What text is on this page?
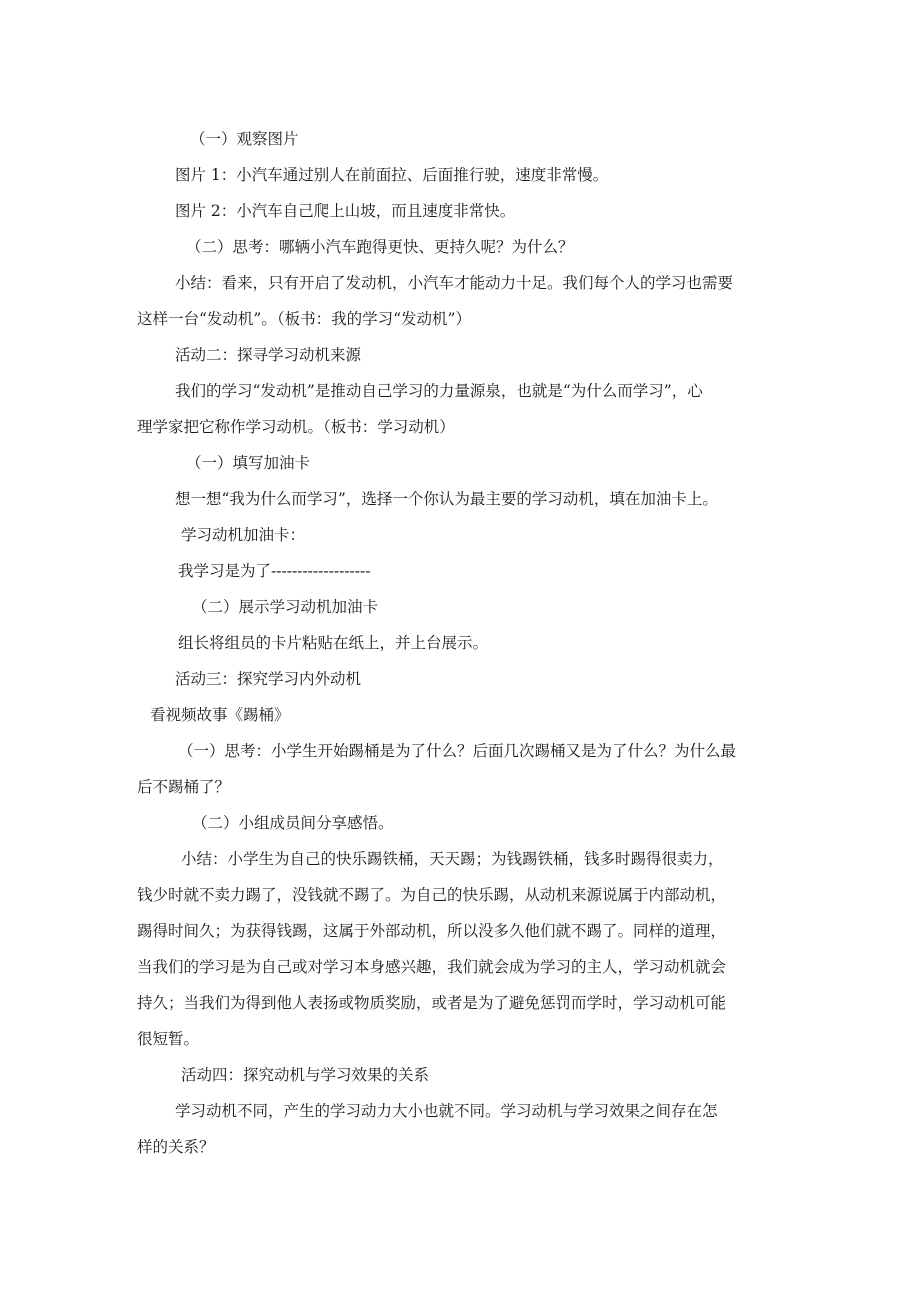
（一）观察图片
图片 1：小汽车通过别人在前面拉、后面推行驶，速度非常慢。
图片 2：小汽车自己爬上山坡，而且速度非常快。
（二）思考：哪辆小汽车跑得更快、更持久呢？为什么？
小结：看来，只有开启了发动机，小汽车才能动力十足。我们每个人的学习也需要
这样一台“发动机”。（板书：我的学习“发动机”）
活动二：探寻学习动机来源
我们的学习“发动机”是推动自己学习的力量源泉，也就是“为什么而学习”，心
理学家把它称作学习动机。（板书：学习动机）
（一）填写加油卡
想一想“我为什么而学习”，选择一个你认为最主要的学习动机，填在加油卡上。
学习动机加油卡：
我学习是为了-------------------
（二）展示学习动机加油卡
组长将组员的卡片粘贴在纸上，并上台展示。
活动三：探究学习内外动机
看视频故事《踢桶》
（一）思考：小学生开始踢桶是为了什么？后面几次踢桶又是为了什么？为什么最
后不踢桶了？
（二）小组成员间分享感悟。
小结：小学生为自己的快乐踢铁桶，天天踢；为钱踢铁桶，钱多时踢得很卖力，
钱少时就不卖力踢了，没钱就不踢了。为自己的快乐踢，从动机来源说属于内部动机，
踢得时间久；为获得钱踢，这属于外部动机，所以没多久他们就不踢了。同样的道理，
当我们的学习是为自己或对学习本身感兴趣，我们就会成为学习的主人，学习动机就会
持久；当我们为得到他人表扬或物质奖励，或者是为了避免惩罚而学时，学习动机可能
很短暂。
活动四：探究动机与学习效果的关系
学习动机不同，产生的学习动力大小也就不同。学习动机与学习效果之间存在怎
样的关系？
